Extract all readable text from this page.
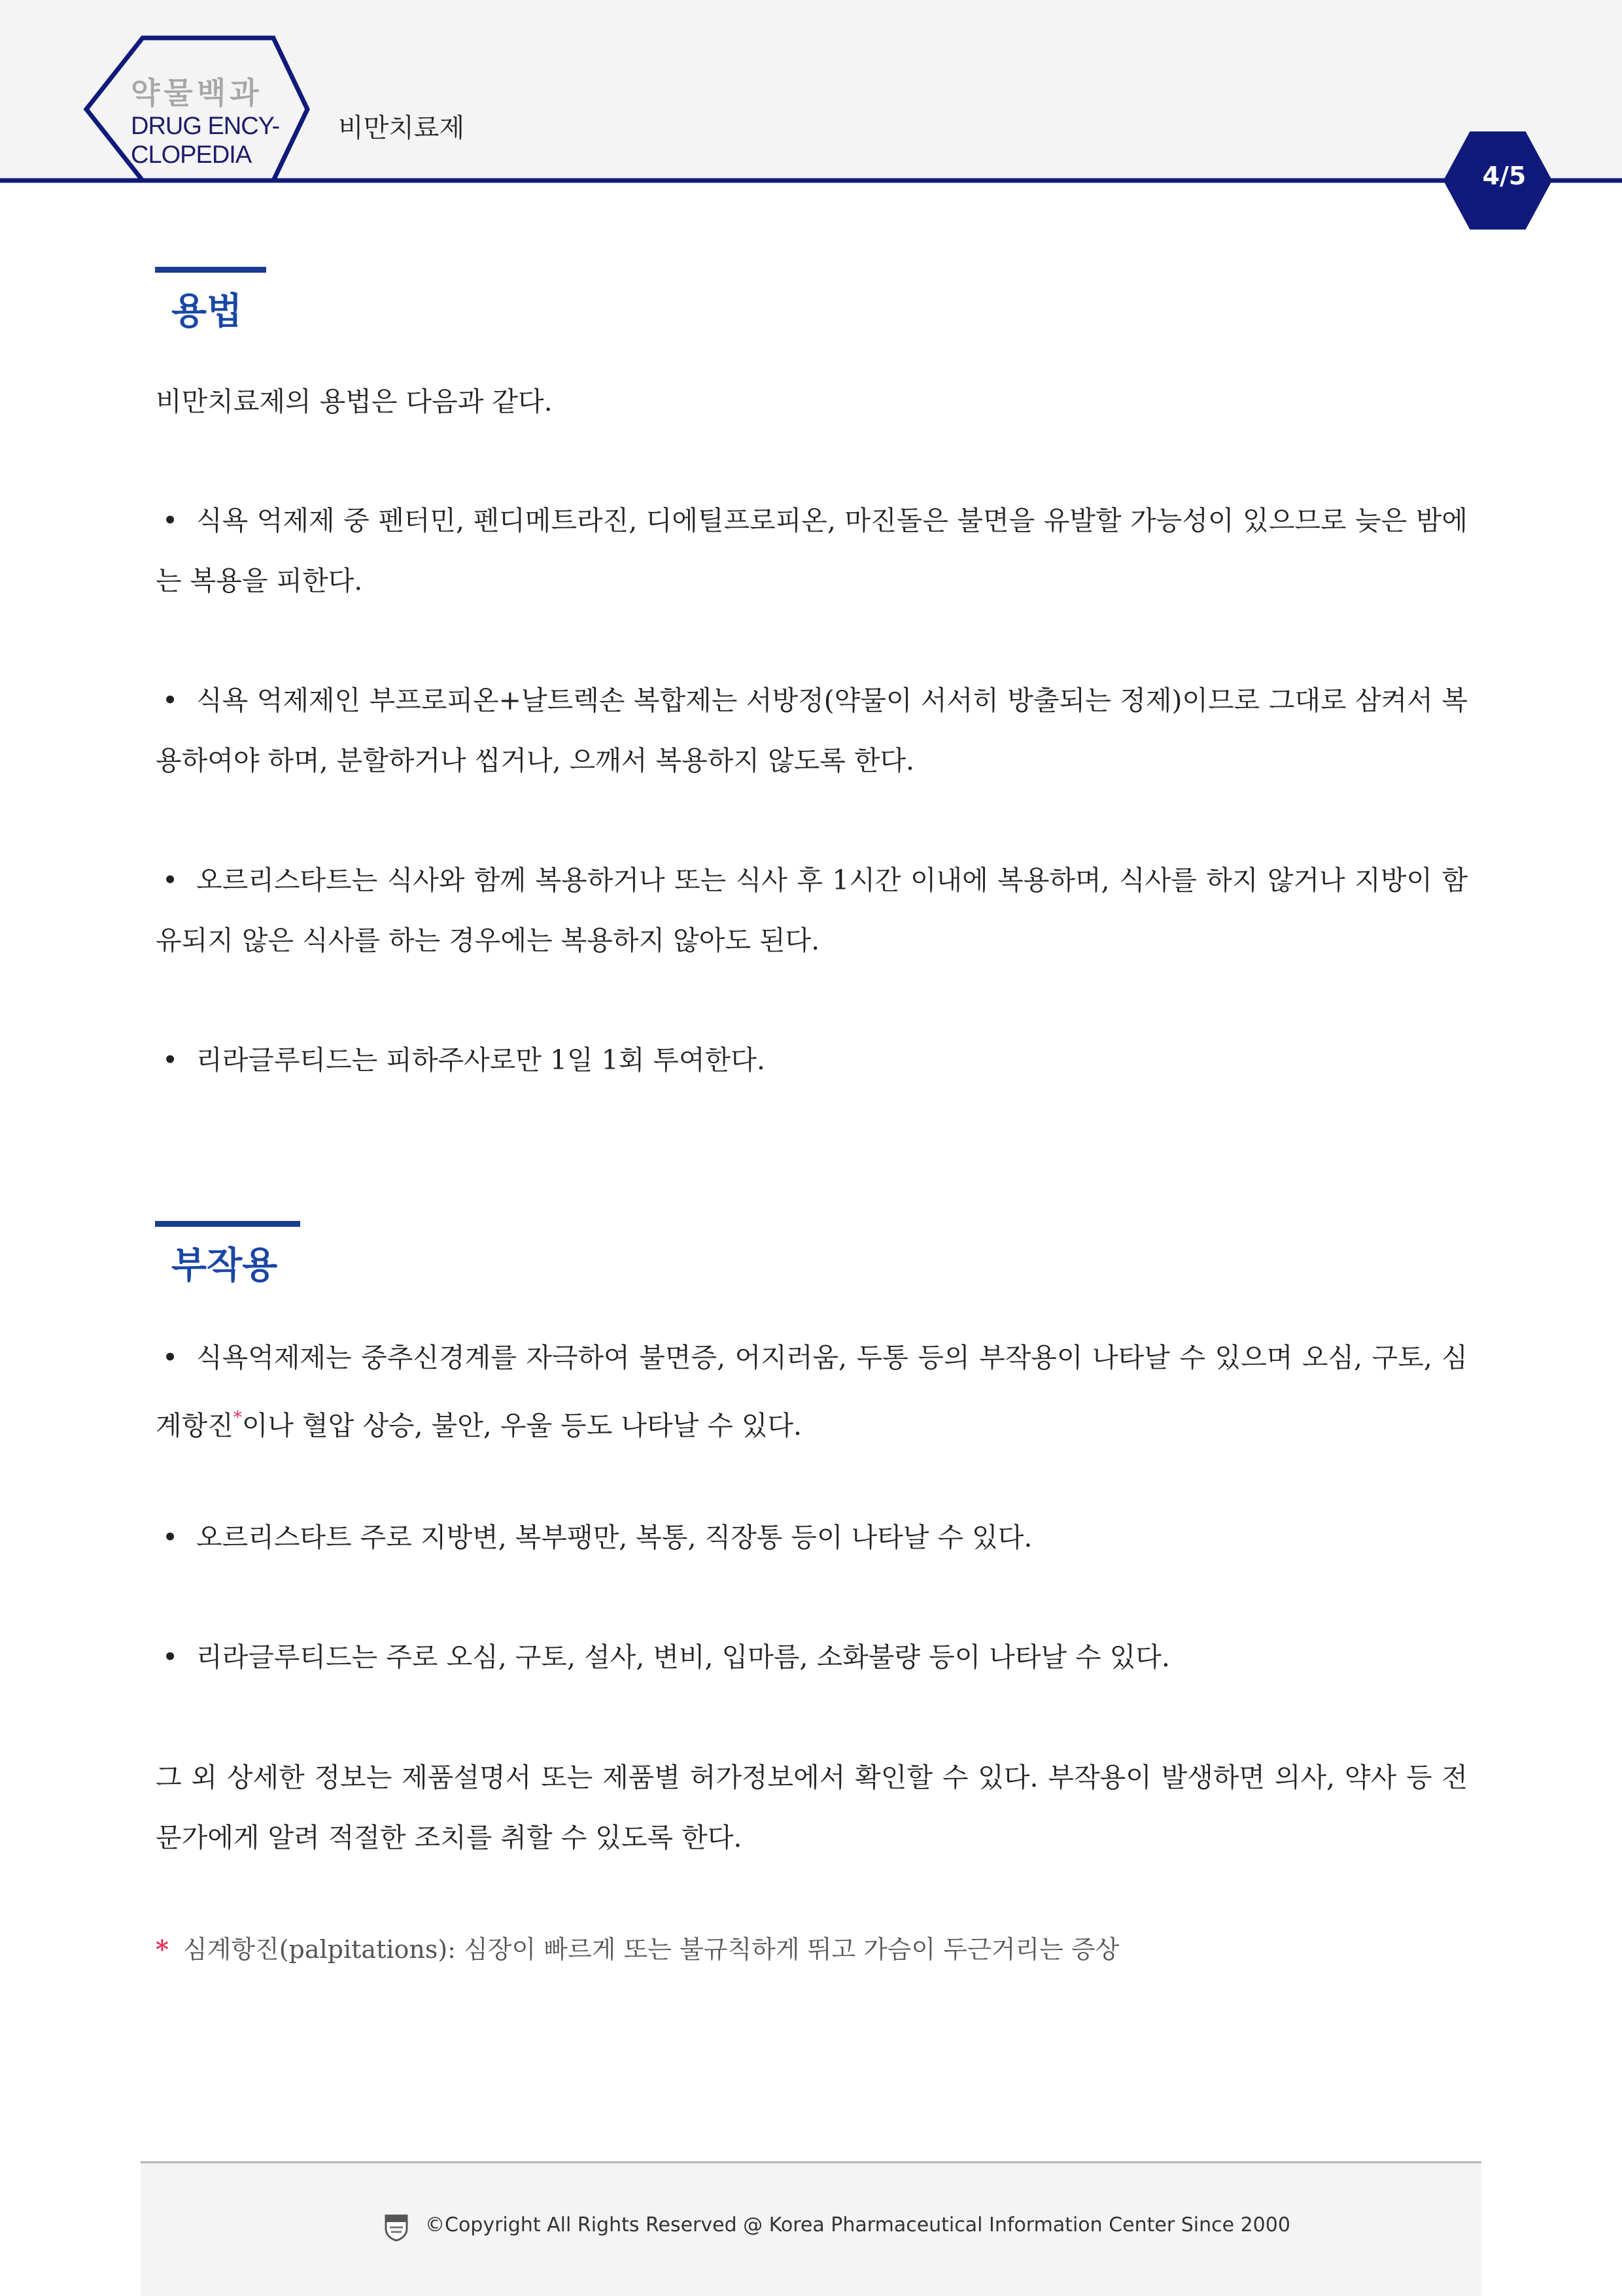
약물백과
DRUG ENCY-
CLOPEDIA
비만치료제
4/5
용법

비만치료제의 용법은 다음과 같다.

• 식욕 억제제 중 펜터민, 펜디메트라진, 디에틸프로피온, 마진돌은 불면을 유발할 가능성이 있으므로 늦은 밤에는 복용을 피한다.

• 식욕 억제제인 부프로피온+날트렉손 복합제는 서방정(약물이 서서히 방출되는 정제)이므로 그대로 삼켜서 복용하여야 하며, 분할하거나 씹거나, 으깨서 복용하지 않도록 한다.

• 오르리스타트는 식사와 함께 복용하거나 또는 식사 후 1시간 이내에 복용하며, 식사를 하지 않거나 지방이 함유되지 않은 식사를 하는 경우에는 복용하지 않아도 된다.

• 리라글루티드는 피하주사로만 1일 1회 투여한다.

부작용

• 식욕억제제는 중추신경계를 자극하여 불면증, 어지러움, 두통 등의 부작용이 나타날 수 있으며 오심, 구토, 심계항진*이나 혈압 상승, 불안, 우울 등도 나타날 수 있다.

• 오르리스타트 주로 지방변, 복부팽만, 복통, 직장통 등이 나타날 수 있다.

• 리라글루티드는 주로 오심, 구토, 설사, 변비, 입마름, 소화불량 등이 나타날 수 있다.

그 외 상세한 정보는 제품설명서 또는 제품별 허가정보에서 확인할 수 있다. 부작용이 발생하면 의사, 약사 등 전문가에게 알려 적절한 조치를 취할 수 있도록 한다.

* 심계항진(palpitations): 심장이 빠르게 또는 불규칙하게 뛰고 가슴이 두근거리는 증상
©Copyright All Rights Reserved @ Korea Pharmaceutical Information Center Since 2000
